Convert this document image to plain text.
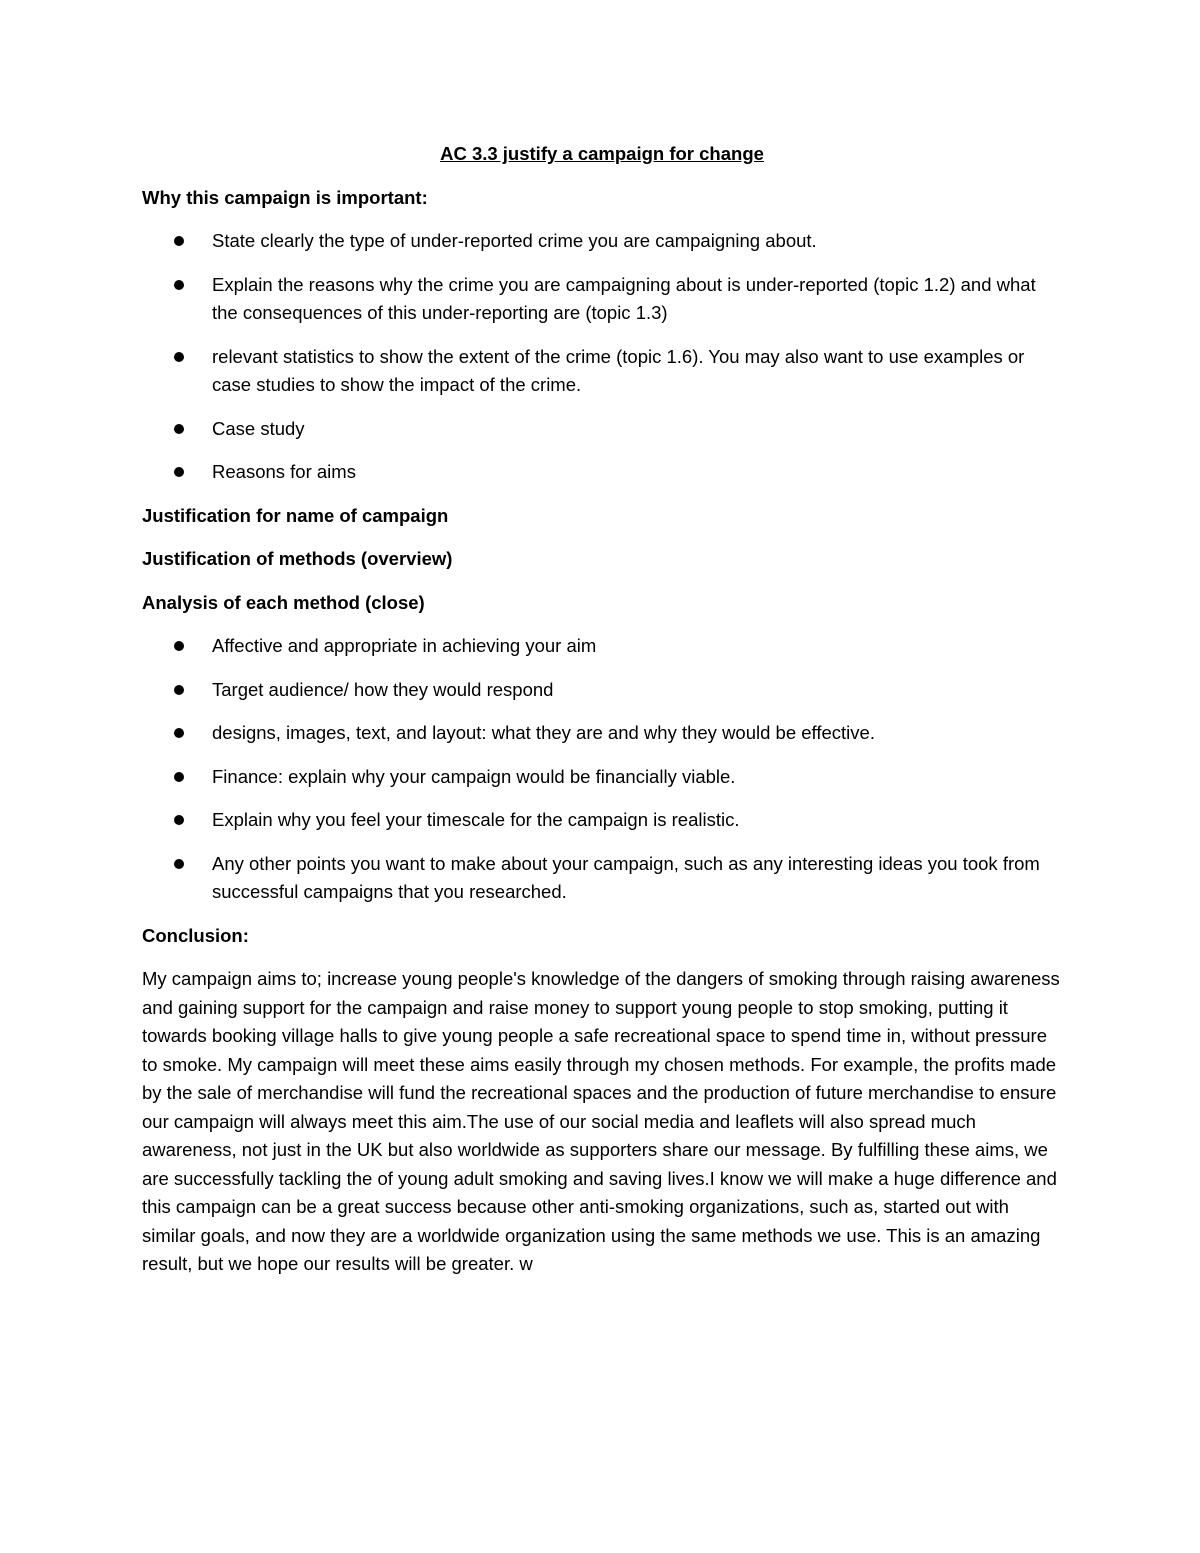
AC 3.3 justify a campaign for change

Why this campaign is important:

State clearly the type of under-reported crime you are campaigning about.
Explain the reasons why the crime you are campaigning about is under-reported (topic 1.2) and what the consequences of this under-reporting are (topic 1.3)
relevant statistics to show the extent of the crime (topic 1.6). You may also want to use examples or case studies to show the impact of the crime.
Case study
Reasons for aims

Justification for name of campaign

Justification of methods (overview)

Analysis of each method (close)

Affective and appropriate in achieving your aim
Target audience/ how they would respond
designs, images, text, and layout: what they are and why they would be effective.
Finance: explain why your campaign would be financially viable.
Explain why you feel your timescale for the campaign is realistic.
Any other points you want to make about your campaign, such as any interesting ideas you took from successful campaigns that you researched.

Conclusion:

My campaign aims to; increase young people's knowledge of the dangers of smoking through raising awareness and gaining support for the campaign and raise money to support young people to stop smoking, putting it towards booking village halls to give young people a safe recreational space to spend time in, without pressure to smoke. My campaign will meet these aims easily through my chosen methods. For example, the profits made by the sale of merchandise will fund the recreational spaces and the production of future merchandise to ensure our campaign will always meet this aim.The use of our social media and leaflets will also spread much awareness, not just in the UK but also worldwide as supporters share our message. By fulfilling these aims, we are successfully tackling the of young adult smoking and saving lives.I know we will make a huge difference and this campaign can be a great success because other anti-smoking organizations, such as, started out with similar goals, and now they are a worldwide organization using the same methods we use. This is an amazing result, but we hope our results will be greater. w
